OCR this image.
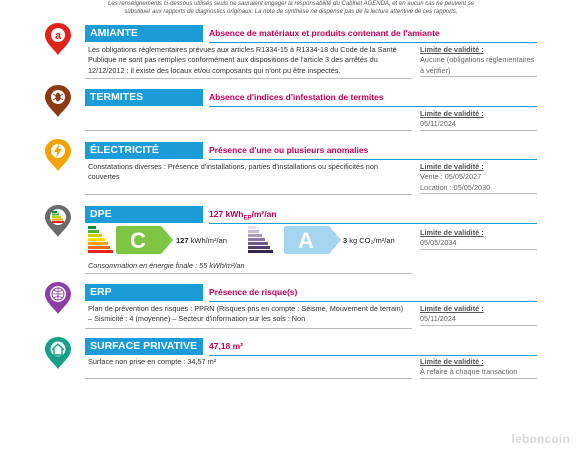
Les renseignements ci-dessous utilisés seuls ne sauraient engager la responsabilité du Cabinet AGENDA, et en aucun cas ne peuvent se
substituer aux rapports de diagnostics originaux. La note de synthèse ne dispense pas de la lecture attentive de ces rapports.
a	AMIANTE	Absence de matériaux et produits contenant de l'amiante
Les obligations réglementaires prévues aux articles R1334-15 à R1334-18 du Code de la Santé Publique ne sont pas remplies conformément aux dispositions de l'article 3 des arrêtés du 12/12/2012 : il existe des locaux et/ou composants qui n'ont pu être inspectés.
Limite de validité :
Aucune (obligations réglementaires à vérifier)
TERMITES	Absence d'indices d'infestation de termites
Limite de validité :
05/11/2024
ÉLECTRICITÉ	Présence d'une ou plusieurs anomalies
Constatations diverses : Présence d'installations, parties d'installations ou spécificités non couvertes
Limite de validité :
Vente : 05/05/2027
Location : 05/05/2030
DPE	127 kWh$_{EP}$/m²/an
C	127 kWh/m²/an	A	3 kg CO₂/m²/an
Consommation en énergie finale : 55 kWh/m²/an
Limite de validité :
05/05/2034
ERP	Présence de risque(s)
Plan de prévention des risques : PPRN (Risques pris en compte : Séisme, Mouvement de terrain) – Sismicité : 4 (moyenne) – Secteur d'information sur les sols : Non
Limite de validité :
05/11/2024
SURFACE PRIVATIVE	47,18 m²
Surface non prise en compte : 34,57 m²	Limite de validité :
À refaire à chaque transaction
leboncoin
